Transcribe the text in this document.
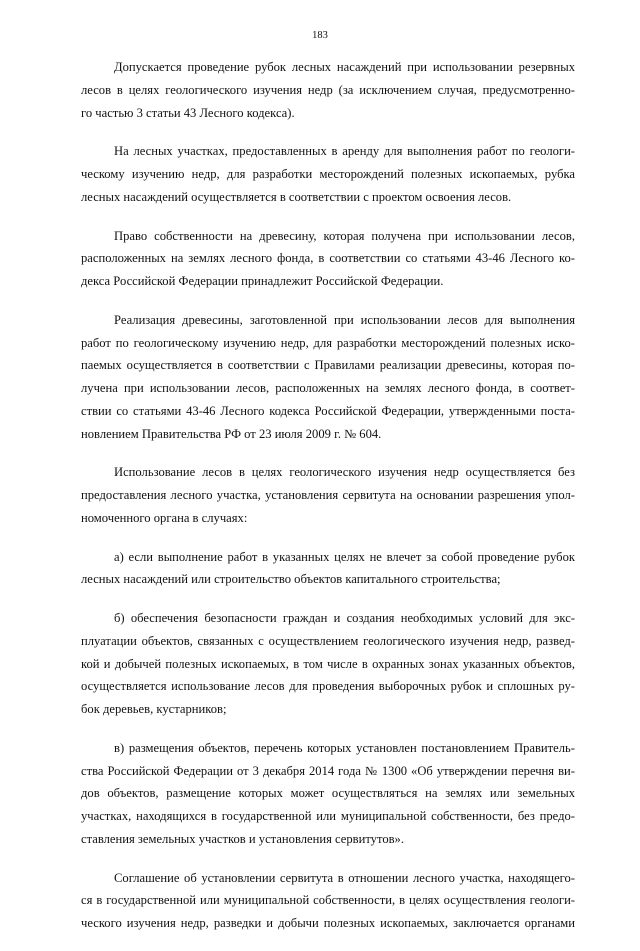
183
Допускается проведение рубок лесных насаждений при использовании резервных
лесов в целях геологического изучения недр (за исключением случая, предусмотренно-
го частью 3 статьи 43 Лесного кодекса).
На лесных участках, предоставленных в аренду для выполнения работ по геологи-
ческому изучению недр, для разработки месторождений полезных ископаемых, рубка
лесных насаждений осуществляется в соответствии с проектом освоения лесов.
Право собственности на древесину, которая получена при использовании лесов,
расположенных на землях лесного фонда, в соответствии со статьями 43-46 Лесного ко-
декса Российской Федерации принадлежит Российской Федерации.
Реализация древесины, заготовленной при использовании лесов для выполнения
работ по геологическому изучению недр, для разработки месторождений полезных иско-
паемых осуществляется в соответствии с Правилами реализации древесины, которая по-
лучена при использовании лесов, расположенных на землях лесного фонда, в соответ-
ствии со статьями 43-46 Лесного кодекса Российской Федерации, утвержденными поста-
новлением Правительства РФ от 23 июля 2009 г. № 604.
Использование лесов в целях геологического изучения недр осуществляется без
предоставления лесного участка, установления сервитута на основании разрешения упол-
номоченного органа в случаях:
а) если выполнение работ в указанных целях не влечет за собой проведение рубок
лесных насаждений или строительство объектов капитального строительства;
б) обеспечения безопасности граждан и создания необходимых условий для экс-
плуатации объектов, связанных с осуществлением геологического изучения недр, развед-
кой и добычей полезных ископаемых, в том числе в охранных зонах указанных объектов,
осуществляется использование лесов для проведения выборочных рубок и сплошных ру-
бок деревьев, кустарников;
в) размещения объектов, перечень которых установлен постановлением Правитель-
ства Российской Федерации от 3 декабря 2014 года № 1300 «Об утверждении перечня ви-
дов объектов, размещение которых может осуществляться на землях или земельных
участках, находящихся в государственной или муниципальной собственности, без предо-
ставления земельных участков и установления сервитутов».
Соглашение об установлении сервитута в отношении лесного участка, находящего-
ся в государственной или муниципальной собственности, в целях осуществления геологи-
ческого изучения недр, разведки и добычи полезных ископаемых, заключается органами
